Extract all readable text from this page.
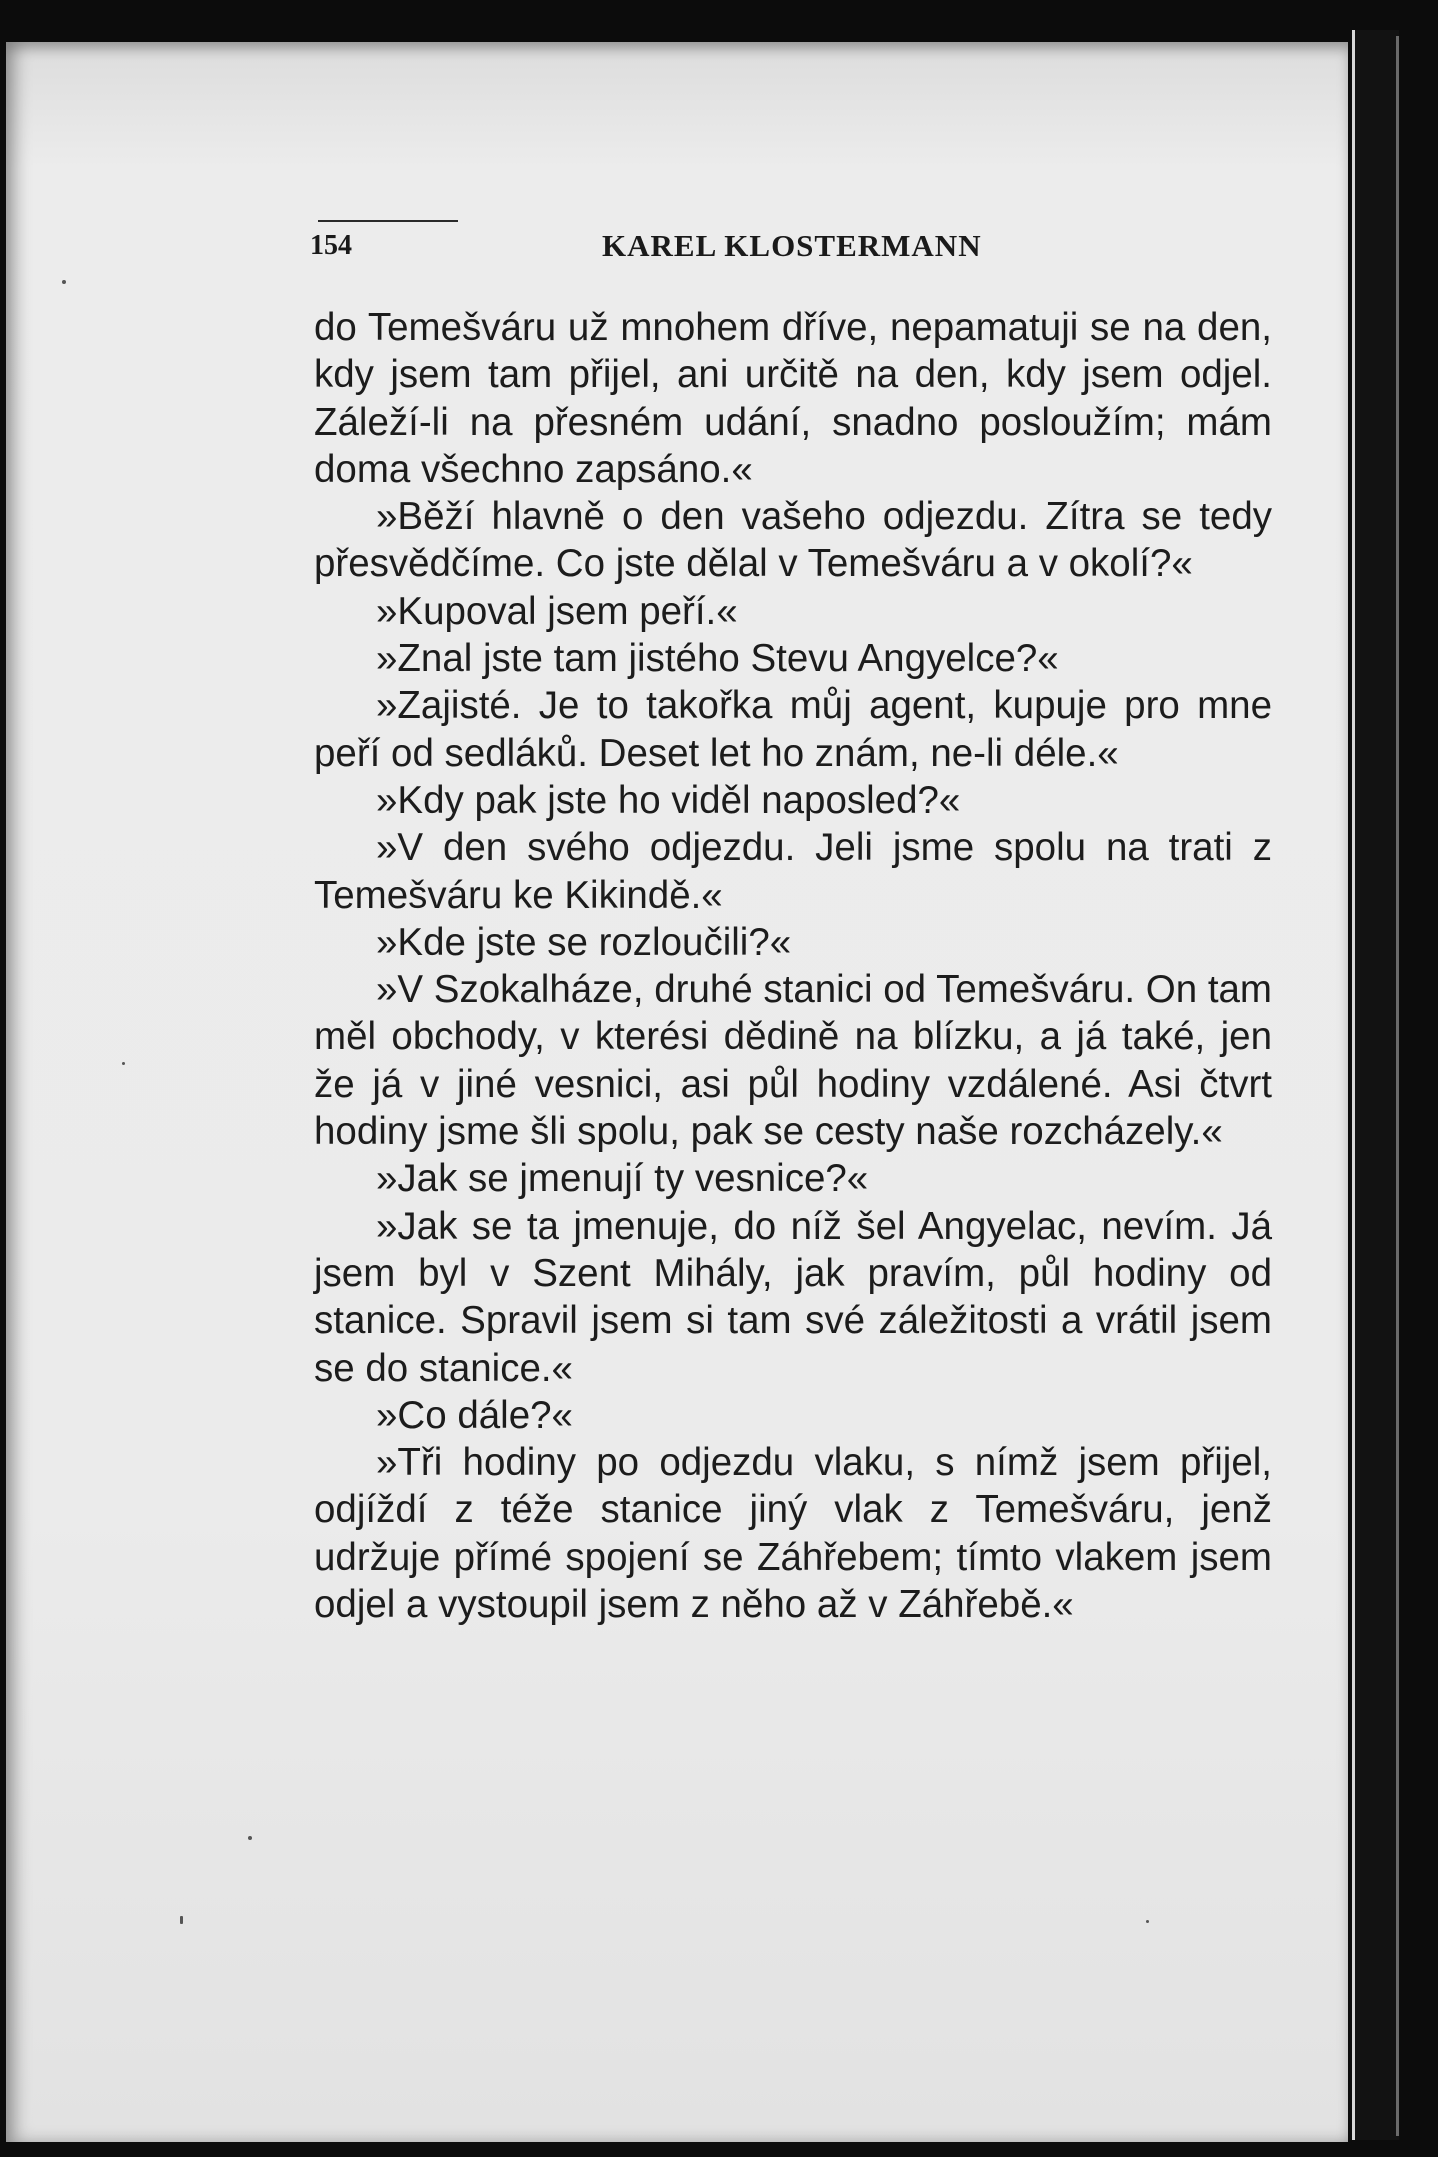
154	KAREL KLOSTERMANN

do Temešváru už mnohem dříve, nepamatuji se na den, kdy jsem tam přijel, ani určitě na den, kdy jsem odjel. Záleží-li na přesném udání, snadno posloužím; mám doma všechno zapsáno.«

»Běží hlavně o den vašeho odjezdu. Zítra se tedy přesvědčíme. Co jste dělal v Temešváru a v okolí?«

»Kupoval jsem peří.«

»Znal jste tam jistého Stevu Angyelce?«

»Zajisté. Je to takořka můj agent, kupuje pro mne peří od sedláků. Deset let ho znám, ne-li déle.«

»Kdy pak jste ho viděl naposled?«

»V den svého odjezdu. Jeli jsme spolu na trati z Temešváru ke Kikindě.«

»Kde jste se rozloučili?«

»V Szokalháze, druhé stanici od Temešváru. On tam měl obchody, v kterési dědině na blízku, a já také, jen že já v jiné vesnici, asi půl hodiny vzdálené. Asi čtvrt hodiny jsme šli spolu, pak se cesty naše rozcházely.«

»Jak se jmenují ty vesnice?«

»Jak se ta jmenuje, do níž šel Angyelac, nevím. Já jsem byl v Szent Mihály, jak pravím, půl hodiny od stanice. Spravil jsem si tam své záležitosti a vrátil jsem se do stanice.«

»Co dále?«

»Tři hodiny po odjezdu vlaku, s nímž jsem přijel, odjíždí z téže stanice jiný vlak z Temešváru, jenž udržuje přímé spojení se Záhřebem; tímto vlakem jsem odjel a vystoupil jsem z něho až v Záhřebě.«
